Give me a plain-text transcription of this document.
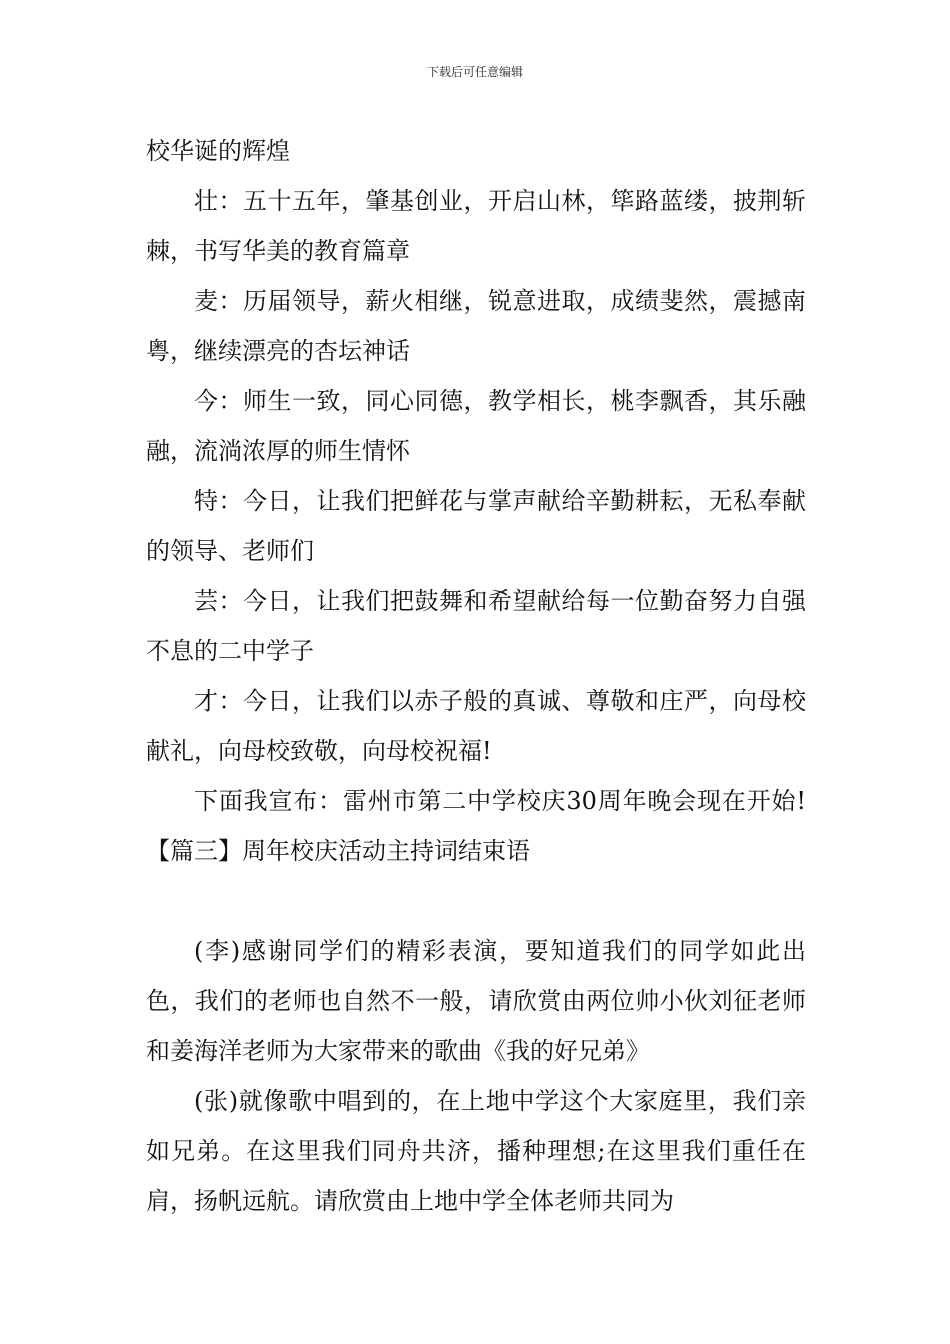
下载后可任意编辑

校华诞的辉煌

壮：五十五年，肇基创业，开启山林，筚路蓝缕，披荆斩棘，书写华美的教育篇章

麦：历届领导，薪火相继，锐意进取，成绩斐然，震撼南粤，继续漂亮的杏坛神话

今：师生一致，同心同德，教学相长，桃李飘香，其乐融融，流淌浓厚的师生情怀

特：今日，让我们把鲜花与掌声献给辛勤耕耘，无私奉献的领导、老师们

芸：今日，让我们把鼓舞和希望献给每一位勤奋努力自强不息的二中学子

才：今日，让我们以赤子般的真诚、尊敬和庄严，向母校献礼，向母校致敬，向母校祝福!

下面我宣布：雷州市第二中学校庆30周年晚会现在开始!【篇三】周年校庆活动主持词结束语

(李)感谢同学们的精彩表演，要知道我们的同学如此出色，我们的老师也自然不一般，请欣赏由两位帅小伙刘征老师和姜海洋老师为大家带来的歌曲《我的好兄弟》

(张)就像歌中唱到的，在上地中学这个大家庭里，我们亲如兄弟。在这里我们同舟共济，播种理想;在这里我们重任在肩，扬帆远航。请欣赏由上地中学全体老师共同为
